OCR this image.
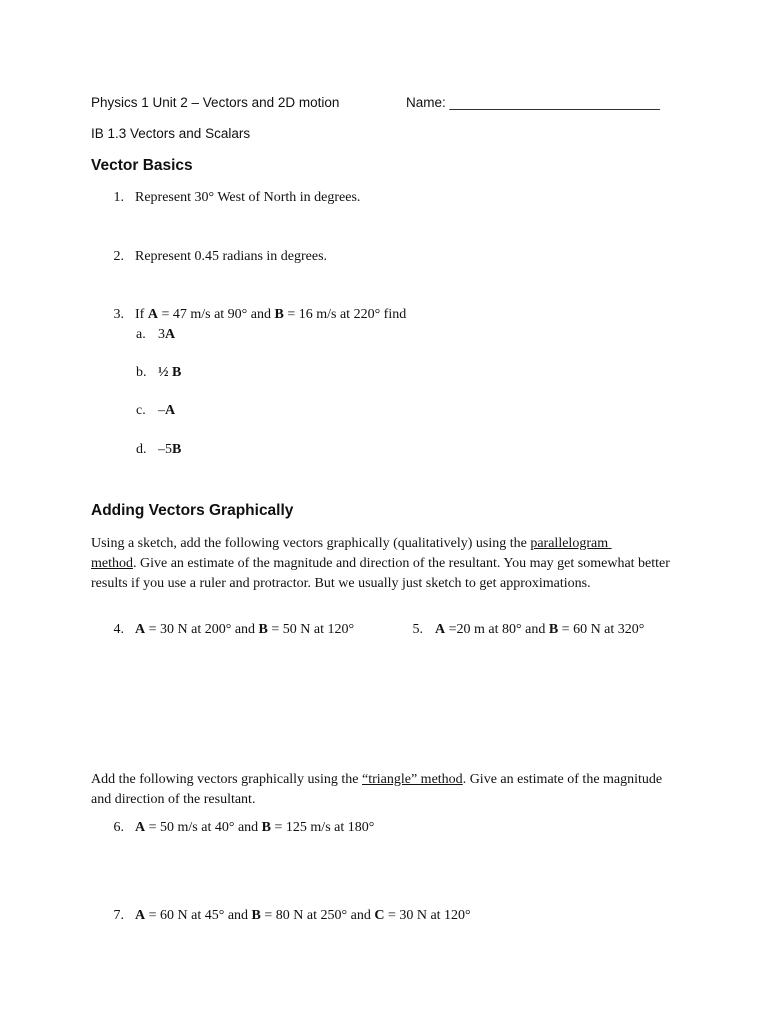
Physics 1 Unit 2 – Vectors and 2D motion	Name: ____________________________
IB 1.3 Vectors and Scalars
Vector Basics
1. Represent 30° West of North in degrees.
2. Represent 0.45 radians in degrees.
3. If A = 47 m/s at 90° and B = 16 m/s at 220° find
a. 3A
b. ½ B
c. –A
d. –5B
Adding Vectors Graphically
Using a sketch, add the following vectors graphically (qualitatively) using the parallelogram
method. Give an estimate of the magnitude and direction of the resultant. You may get somewhat better results if you use a ruler and protractor. But we usually just sketch to get approximations.
4. A = 30 N at 200° and B = 50 N at 120°	5. A =20 m at 80° and B = 60 N at 320°
Add the following vectors graphically using the “triangle” method. Give an estimate of the magnitude and direction of the resultant.
6. A = 50 m/s at 40° and B = 125 m/s at 180°
7. A = 60 N at 45° and B = 80 N at 250° and C = 30 N at 120°
